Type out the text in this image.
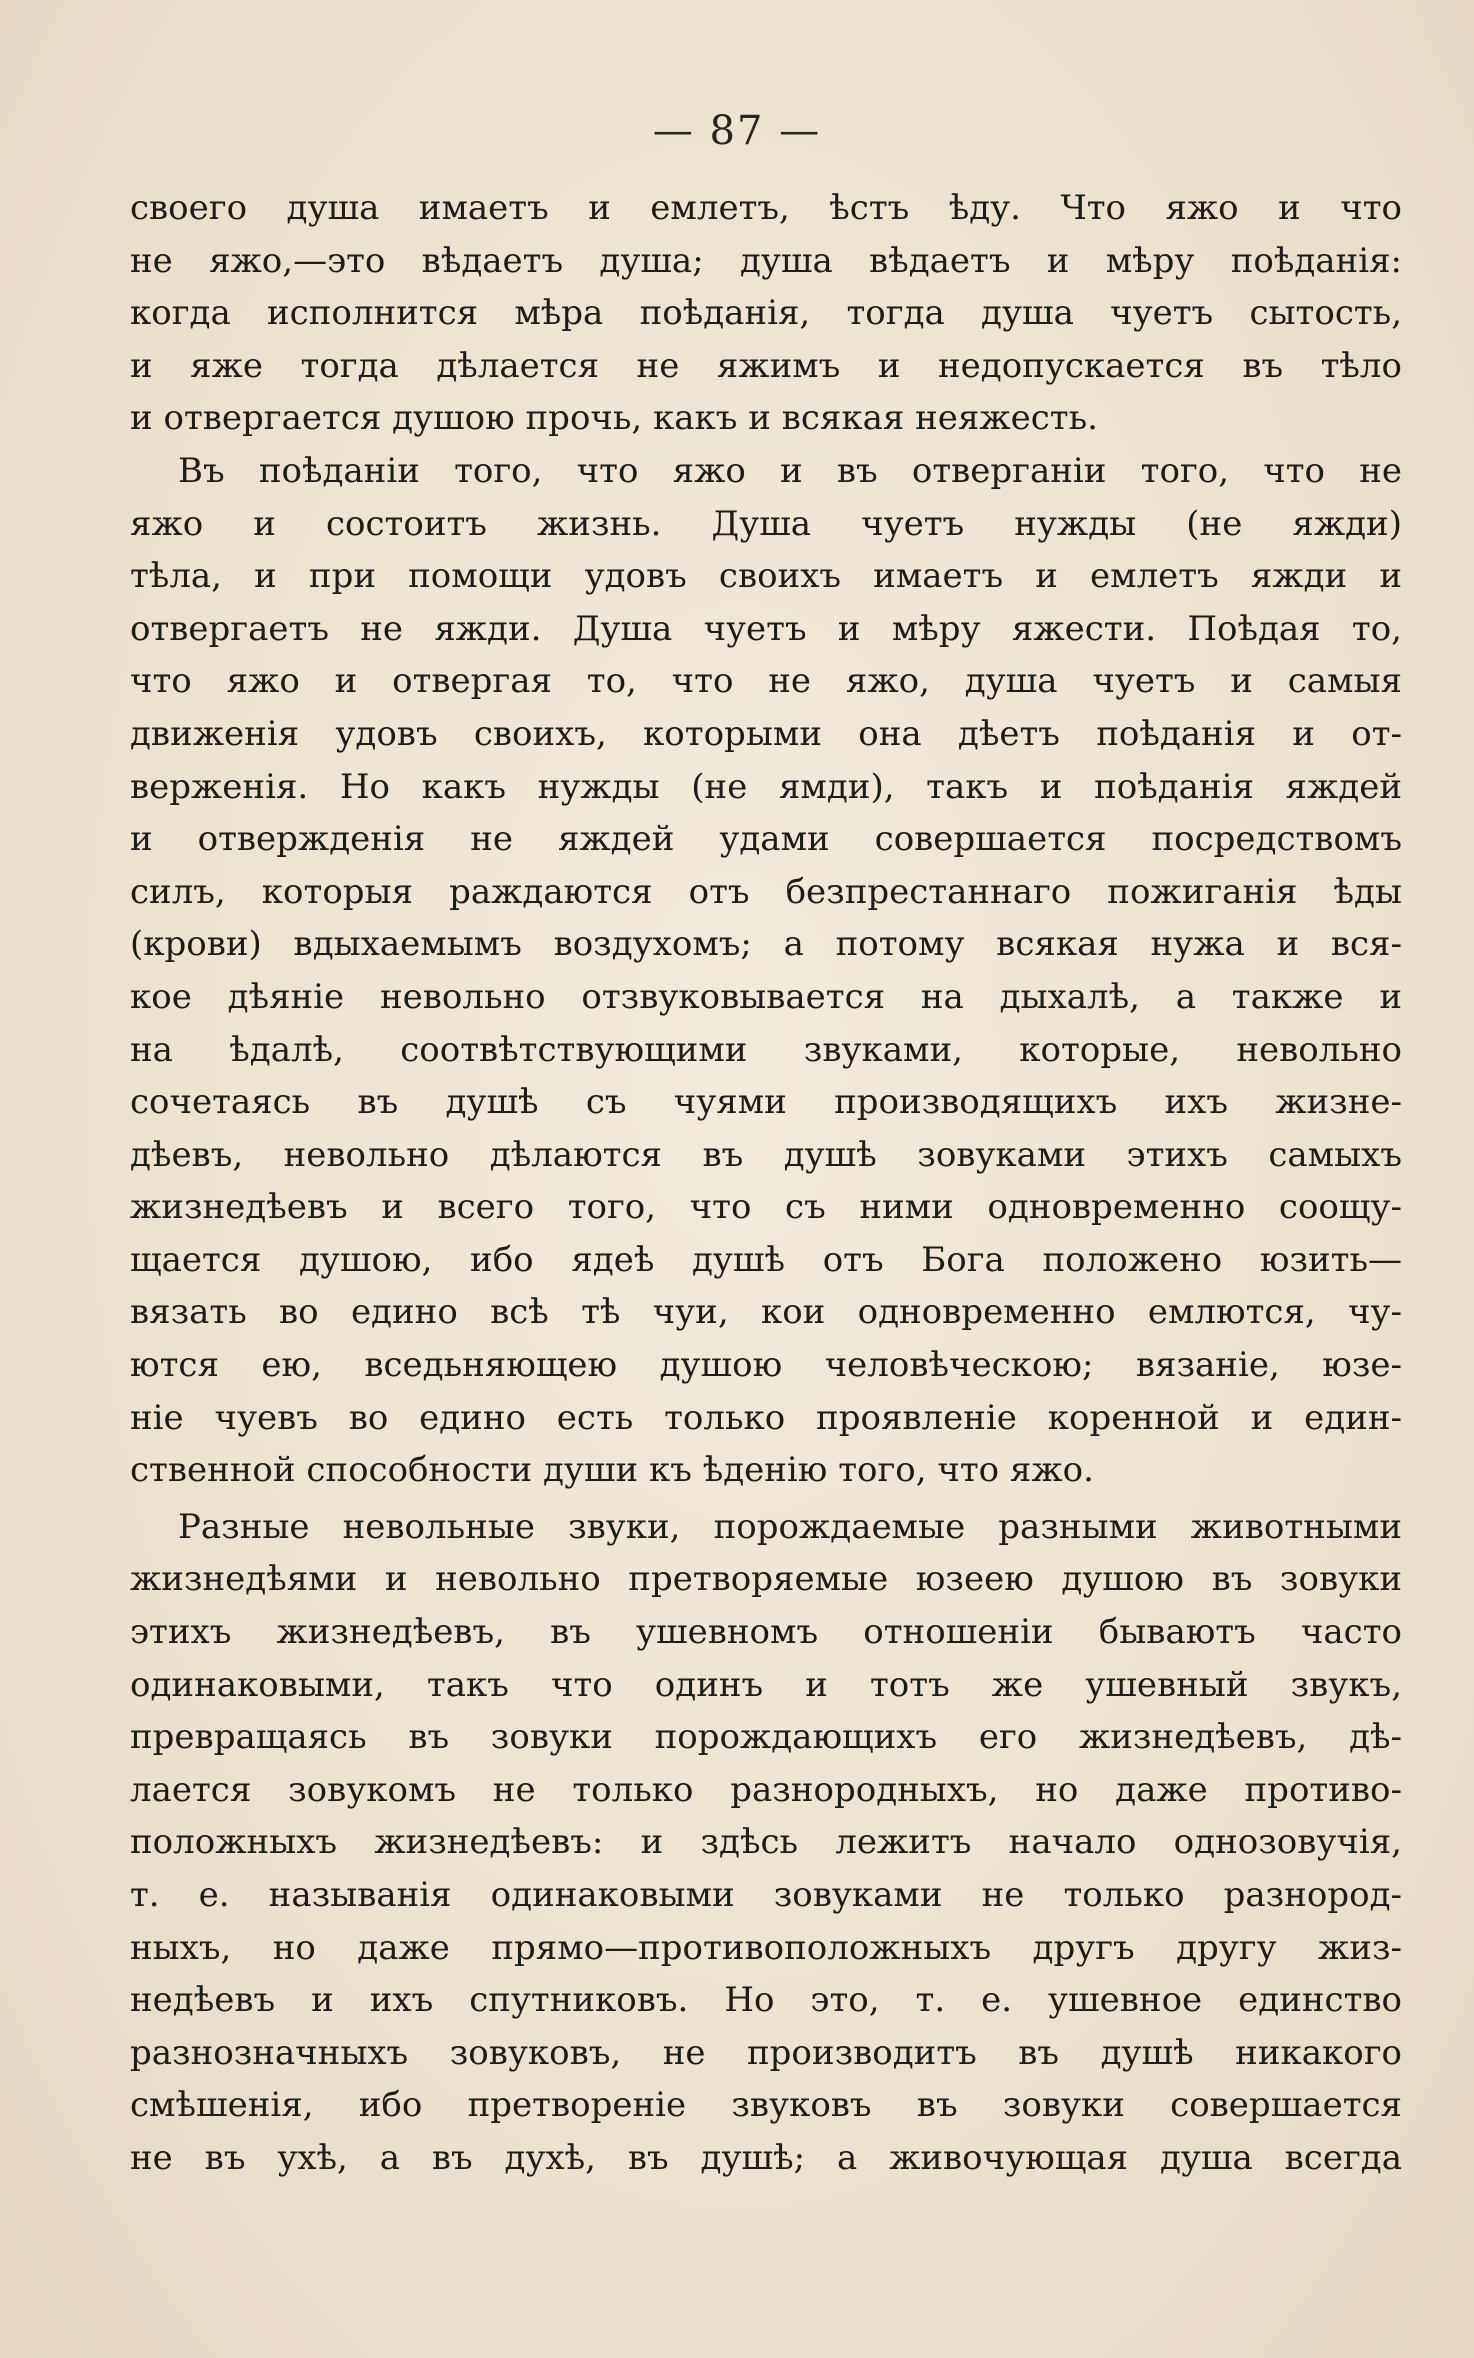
— 87 —
своего душа имаетъ и емлетъ, ѣстъ ѣду. Что яжо и что
не яжо,—это вѣдаетъ душа; душа вѣдаетъ и мѣру поѣданія:
когда исполнится мѣра поѣданія, тогда душа чуетъ сытость,
и яже тогда дѣлается не яжимъ и недопускается въ тѣло
и отвергается душою прочь, какъ и всякая неяжесть.
Въ поѣданіи того, что яжо и въ отверганіи того, что не
яжо и состоитъ жизнь. Душа чуетъ нужды (не яжди)
тѣла, и при помощи удовъ своихъ имаетъ и емлетъ яжди и
отвергаетъ не яжди. Душа чуетъ и мѣру яжести. Поѣдая то,
что яжо и отвергая то, что не яжо, душа чуетъ и самыя
движенія удовъ своихъ, которыми она дѣетъ поѣданія и от-
верженія. Но какъ нужды (не ямди), такъ и поѣданія яждей
и отвержденія не яждей удами совершается посредствомъ
силъ, которыя раждаются отъ безпрестаннаго пожиганія ѣды
(крови) вдыхаемымъ воздухомъ; а потому всякая нужа и вся-
кое дѣяніе невольно отзвуковывается на дыхалѣ, а также и
на ѣдалѣ, соотвѣтствующими звуками, которые, невольно
сочетаясь въ душѣ съ чуями производящихъ ихъ жизне-
дѣевъ, невольно дѣлаются въ душѣ зовуками этихъ самыхъ
жизнедѣевъ и всего того, что съ ними одновременно соощу-
щается душою, ибо ядеѣ душѣ отъ Бога положено юзить—
вязать во едино всѣ тѣ чуи, кои одновременно емлются, чу-
ются ею, вседьняющею душою человѣческою; вязаніе, юзе-
ніе чуевъ во едино есть только проявленіе коренной и един-
ственной способности души къ ѣденію того, что яжо.
Разные невольные звуки, порождаемые разными животными
жизнедѣями и невольно претворяемые юзеею душою въ зовуки
этихъ жизнедѣевъ, въ ушевномъ отношеніи бываютъ часто
одинаковыми, такъ что одинъ и тотъ же ушевный звукъ,
превращаясь въ зовуки порождающихъ его жизнедѣевъ, дѣ-
лается зовукомъ не только разнородныхъ, но даже противо-
положныхъ жизнедѣевъ: и здѣсь лежитъ начало однозовучія,
т. е. называнія одинаковыми зовуками не только разнород-
ныхъ, но даже прямо—противоположныхъ другъ другу жиз-
недѣевъ и ихъ спутниковъ. Но это, т. е. ушевное единство
разнозначныхъ зовуковъ, не производитъ въ душѣ никакого
смѣшенія, ибо претвореніе звуковъ въ зовуки совершается
не въ ухѣ, а въ духѣ, въ душѣ; а живочующая душа всегда
